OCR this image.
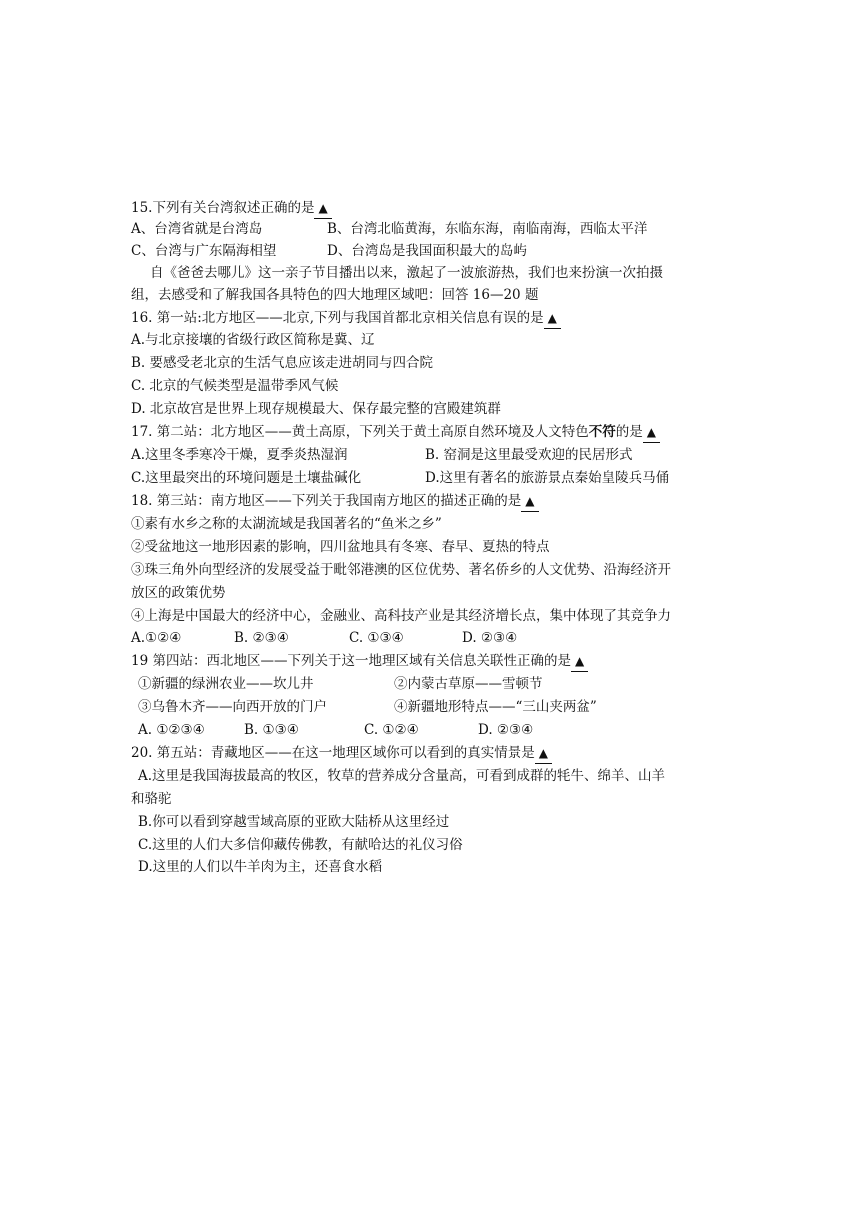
15.下列有关台湾叙述正确的是 ▲
A、台湾省就是台湾岛	B、台湾北临黄海，东临东海，南临南海，西临太平洋
C、台湾与广东隔海相望	D、台湾岛是我国面积最大的岛屿
自《爸爸去哪儿》这一亲子节目播出以来，激起了一波旅游热，我们也来扮演一次拍摄
组，去感受和了解我国各具特色的四大地理区域吧：回答 16—20 题
16. 第一站:北方地区——北京,下列与我国首都北京相关信息有误的是 ▲
A.与北京接壤的省级行政区简称是冀、辽
B. 要感受老北京的生活气息应该走进胡同与四合院
C. 北京的气候类型是温带季风气候
D. 北京故宫是世界上现存规模最大、保存最完整的宫殿建筑群
17. 第二站：北方地区——黄土高原，下列关于黄土高原自然环境及人文特色不符的是 ▲
A.这里冬季寒冷干燥，夏季炎热湿润	B. 窑洞是这里最受欢迎的民居形式
C.这里最突出的环境问题是土壤盐碱化	D.这里有著名的旅游景点秦始皇陵兵马俑
18. 第三站：南方地区——下列关于我国南方地区的描述正确的是 ▲
①素有水乡之称的太湖流域是我国著名的“鱼米之乡”
②受盆地这一地形因素的影响，四川盆地具有冬寒、春早、夏热的特点
③珠三角外向型经济的发展受益于毗邻港澳的区位优势、著名侨乡的人文优势、沿海经济开
放区的政策优势
④上海是中国最大的经济中心，金融业、高科技产业是其经济增长点，集中体现了其竞争力
A.①②④	B. ②③④	C. ①③④	D. ②③④
19 第四站：西北地区——下列关于这一地理区域有关信息关联性正确的是 ▲
①新疆的绿洲农业——坎儿井	②内蒙古草原——雪顿节
③乌鲁木齐——向西开放的门户	④新疆地形特点——“三山夹两盆”
A. ①②③④	B. ①③④	C. ①②④	D. ②③④
20. 第五站：青藏地区——在这一地理区域你可以看到的真实情景是 ▲
A.这里是我国海拔最高的牧区，牧草的营养成分含量高，可看到成群的牦牛、绵羊、山羊
和骆驼
B.你可以看到穿越雪域高原的亚欧大陆桥从这里经过
C.这里的人们大多信仰藏传佛教，有献哈达的礼仪习俗
D.这里的人们以牛羊肉为主，还喜食水稻
